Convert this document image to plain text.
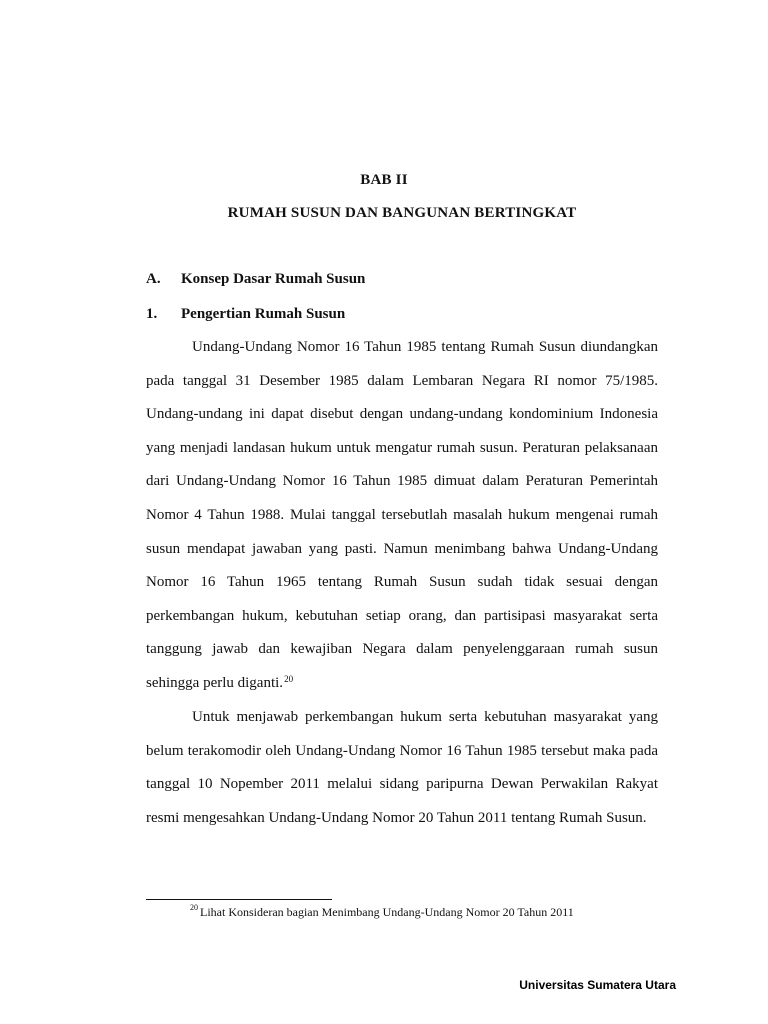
BAB II
RUMAH SUSUN DAN BANGUNAN BERTINGKAT
A. Konsep Dasar Rumah Susun
1. Pengertian Rumah Susun

Undang-Undang Nomor 16 Tahun 1985 tentang Rumah Susun diundangkan pada tanggal 31 Desember 1985 dalam Lembaran Negara RI nomor 75/1985. Undang-undang ini dapat disebut dengan undang-undang kondominium Indonesia yang menjadi landasan hukum untuk mengatur rumah susun. Peraturan pelaksanaan dari Undang-Undang Nomor 16 Tahun 1985 dimuat dalam Peraturan Pemerintah Nomor 4 Tahun 1988. Mulai tanggal tersebutlah masalah hukum mengenai rumah susun mendapat jawaban yang pasti. Namun menimbang bahwa Undang-Undang Nomor 16 Tahun 1965 tentang Rumah Susun sudah tidak sesuai dengan perkembangan hukum, kebutuhan setiap orang, dan partisipasi masyarakat serta tanggung jawab dan kewajiban Negara dalam penyelenggaraan rumah susun sehingga perlu diganti.$^{20}$

Untuk menjawab perkembangan hukum serta kebutuhan masyarakat yang belum terakomodir oleh Undang-Undang Nomor 16 Tahun 1985 tersebut maka pada tanggal 10 Nopember 2011 melalui sidang paripurna Dewan Perwakilan Rakyat resmi mengesahkan Undang-Undang Nomor 20 Tahun 2011 tentang Rumah Susun.

$^{20}$ Lihat Konsideran bagian Menimbang Undang-Undang Nomor 20 Tahun 2011
Universitas Sumatera Utara
